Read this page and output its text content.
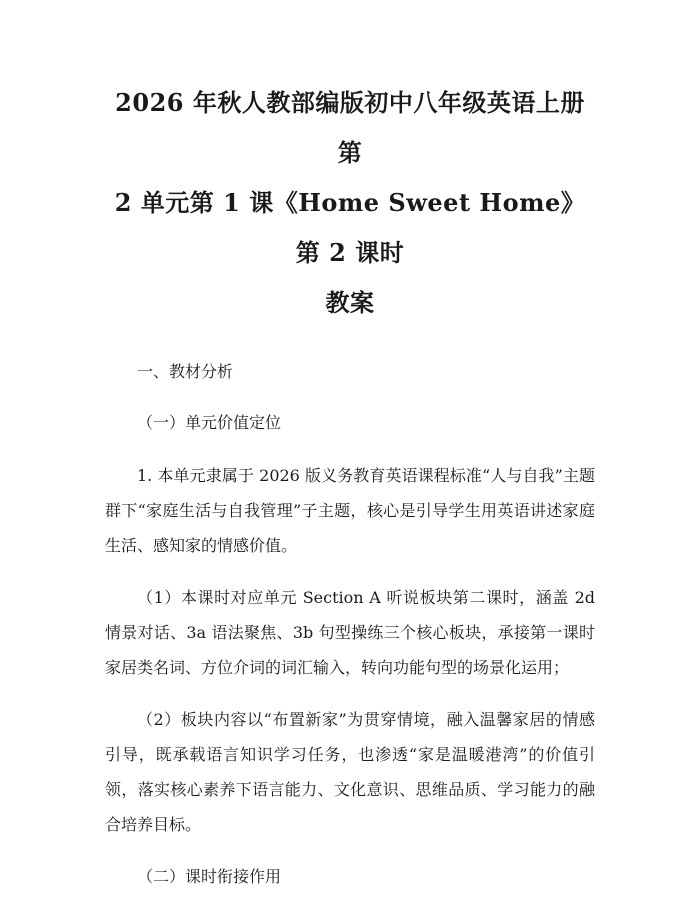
2026 年秋人教部编版初中八年级英语上册第
2 单元第 1 课《Home Sweet Home》第 2 课时
教案

一、教材分析

（一）单元价值定位

1. 本单元隶属于 2026 版义务教育英语课程标准“人与自我”主题群下“家庭生活与自我管理”子主题，核心是引导学生用英语讲述家庭生活、感知家的情感价值。

（1）本课时对应单元 Section A 听说板块第二课时，涵盖 2d 情景对话、3a 语法聚焦、3b 句型操练三个核心板块，承接第一课时家居类名词、方位介词的词汇输入，转向功能句型的场景化运用；

（2）板块内容以“布置新家”为贯穿情境，融入温馨家居的情感引导，既承载语言知识学习任务，也渗透“家是温暖港湾”的价值引领，落实核心素养下语言能力、文化意识、思维品质、学习能力的融合培养目标。

（二）课时衔接作用
